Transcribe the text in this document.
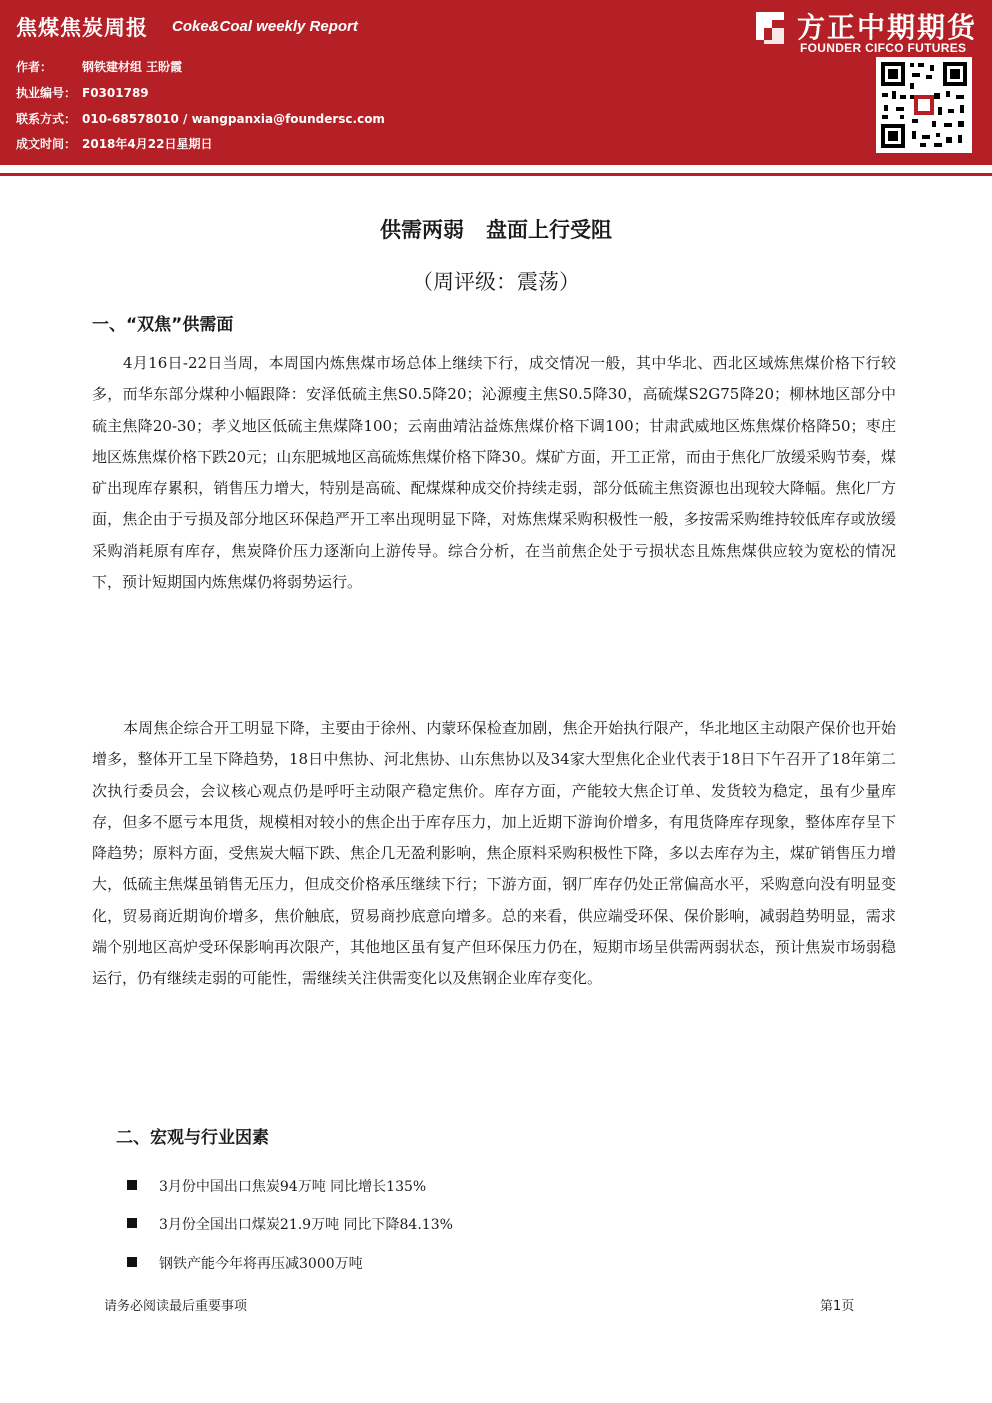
焦煤焦炭周报 Coke&Coal weekly Report
作者： 钢铁建材组 王盼霞
执业编号： F0301789
联系方式： 010-68578010 / wangpanxia@foundersc.com
成文时间： 2018年4月22日星期日
方正中期期货
FOUNDER CIFCO FUTURES
供需两弱   盘面上行受阻
（周评级：震荡）
一、“双焦”供需面
4月16日-22日当周，本周国内炼焦煤市场总体上继续下行，成交情况一般，其中华北、西北区域炼焦煤价格下行较多，而华东部分煤种小幅跟降：安泽低硫主焦S0.5降20；沁源瘦主焦S0.5降30，高硫煤S2G75降20；柳林地区部分中硫主焦降20-30；孝义地区低硫主焦煤降100；云南曲靖沾益炼焦煤价格下调100；甘肃武威地区炼焦煤价格降50；枣庄地区炼焦煤价格下跌20元；山东肥城地区高硫炼焦煤价格下降30。煤矿方面，开工正常，而由于焦化厂放缓采购节奏，煤矿出现库存累积，销售压力增大，特别是高硫、配煤煤种成交价持续走弱，部分低硫主焦资源也出现较大降幅。焦化厂方面，焦企由于亏损及部分地区环保趋严开工率出现明显下降，对炼焦煤采购积极性一般，多按需采购维持较低库存或放缓采购消耗原有库存，焦炭降价压力逐渐向上游传导。综合分析，在当前焦企处于亏损状态且炼焦煤供应较为宽松的情况下，预计短期国内炼焦煤仍将弱势运行。
本周焦企综合开工明显下降，主要由于徐州、内蒙环保检查加剧，焦企开始执行限产，华北地区主动限产保价也开始增多，整体开工呈下降趋势，18日中焦协、河北焦协、山东焦协以及34家大型焦化企业代表于18日下午召开了18年第二次执行委员会，会议核心观点仍是呼吁主动限产稳定焦价。库存方面，产能较大焦企订单、发货较为稳定，虽有少量库存，但多不愿亏本甩货，规模相对较小的焦企出于库存压力，加上近期下游询价增多，有甩货降库存现象，整体库存呈下降趋势；原料方面，受焦炭大幅下跌、焦企几无盈利影响，焦企原料采购积极性下降，多以去库存为主，煤矿销售压力增大，低硫主焦煤虽销售无压力，但成交价格承压继续下行；下游方面，钢厂库存仍处正常偏高水平，采购意向没有明显变化，贸易商近期询价增多，焦价触底，贸易商抄底意向增多。总的来看，供应端受环保、保价影响，减弱趋势明显，需求端个别地区高炉受环保影响再次限产，其他地区虽有复产但环保压力仍在，短期市场呈供需两弱状态，预计焦炭市场弱稳运行，仍有继续走弱的可能性，需继续关注供需变化以及焦钢企业库存变化。
二、宏观与行业因素
3月份中国出口焦炭94万吨 同比增长135%
3月份全国出口煤炭21.9万吨 同比下降84.13%
钢铁产能今年将再压减3000万吨
请务必阅读最后重要事项	第1页
